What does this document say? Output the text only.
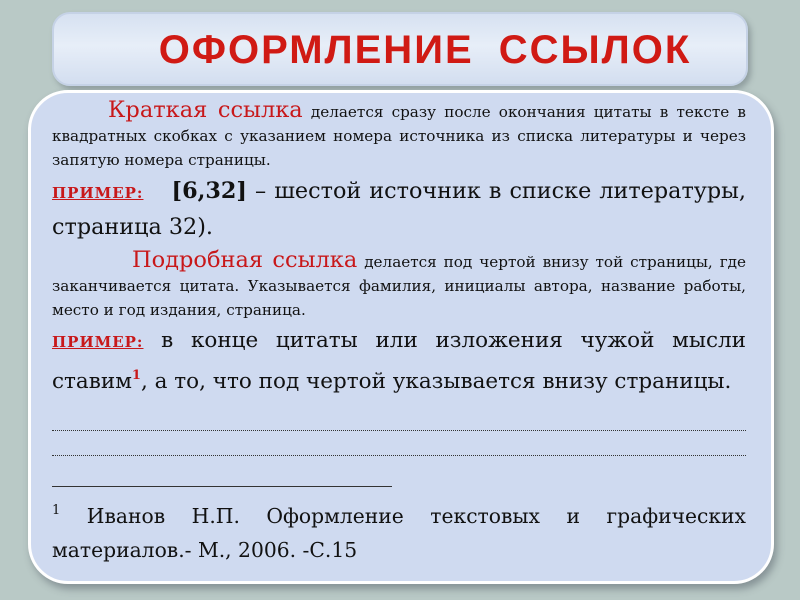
ОФОРМЛЕНИЕ ССЫЛОК

Краткая ссылка делается сразу после окончания цитаты в тексте в квадратных скобках с указанием номера источника из списка литературы и через запятую номера страницы.

ПРИМЕР: [6,32] – шестой источник в списке литературы, страница 32).

Подробная ссылка делается под чертой внизу той страницы, где заканчивается цитата. Указывается фамилия, инициалы автора, название работы, место и год издания, страница.

ПРИМЕР: в конце цитаты или изложения чужой мысли ставим$^1$, а то, что под чертой указывается внизу страницы.

$^1$ Иванов Н.П. Оформление текстовых и графических материалов.- М., 2006. -С.15
